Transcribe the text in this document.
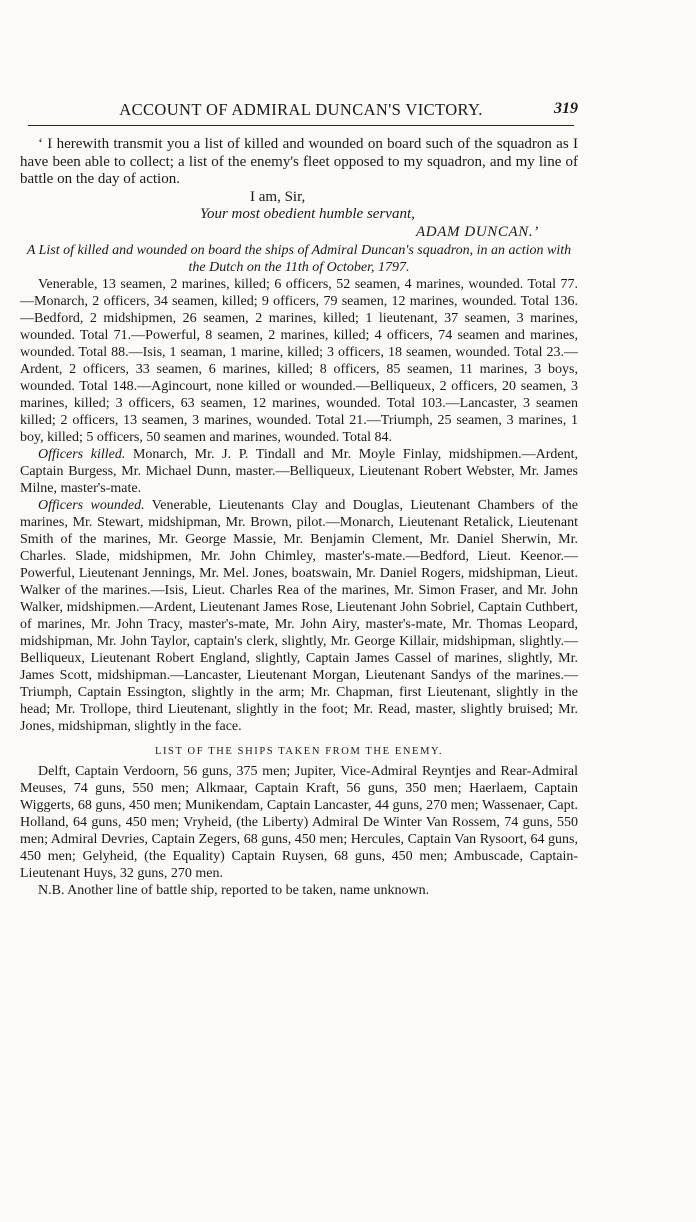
ACCOUNT OF ADMIRAL DUNCAN'S VICTORY.	319

‘ I herewith transmit you a list of killed and wounded on board such of the squadron as I have been able to collect; a list of the enemy's fleet opposed to my squadron, and my line of battle on the day of action.

I am, Sir,
Your most obedient humble servant,
ADAM DUNCAN.’

A List of killed and wounded on board the ships of Admiral Duncan's squadron, in an action with the Dutch on the 11th of October, 1797.

Venerable, 13 seamen, 2 marines, killed; 6 officers, 52 seamen, 4 marines, wounded. Total 77.—Monarch, 2 officers, 34 seamen, killed; 9 officers, 79 seamen, 12 marines, wounded. Total 136.—Bedford, 2 midshipmen, 26 seamen, 2 marines, killed; 1 lieutenant, 37 seamen, 3 marines, wounded. Total 71.—Powerful, 8 seamen, 2 marines, killed; 4 officers, 74 seamen and marines, wounded. Total 88.—Isis, 1 seaman, 1 marine, killed; 3 officers, 18 seamen, wounded. Total 23.—Ardent, 2 officers, 33 seamen, 6 marines, killed; 8 officers, 85 seamen, 11 marines, 3 boys, wounded. Total 148.—Agincourt, none killed or wounded.—Belliqueux, 2 officers, 20 seamen, 3 marines, killed; 3 officers, 63 seamen, 12 marines, wounded. Total 103.—Lancaster, 3 seamen killed; 2 officers, 13 seamen, 3 marines, wounded. Total 21.—Triumph, 25 seamen, 3 marines, 1 boy, killed; 5 officers, 50 seamen and marines, wounded. Total 84.

Officers killed. Monarch, Mr. J. P. Tindall and Mr. Moyle Finlay, midshipmen.—Ardent, Captain Burgess, Mr. Michael Dunn, master.—Belliqueux, Lieutenant Robert Webster, Mr. James Milne, master's-mate.

Officers wounded. Venerable, Lieutenants Clay and Douglas, Lieutenant Chambers of the marines, Mr. Stewart, midshipman, Mr. Brown, pilot.—Monarch, Lieutenant Retalick, Lieutenant Smith of the marines, Mr. George Massie, Mr. Benjamin Clement, Mr. Daniel Sherwin, Mr. Charles. Slade, midshipmen, Mr. John Chimley, master's-mate.—Bedford, Lieut. Keenor.—Powerful, Lieutenant Jennings, Mr. Mel. Jones, boatswain, Mr. Daniel Rogers, midshipman, Lieut. Walker of the marines.—Isis, Lieut. Charles Rea of the marines, Mr. Simon Fraser, and Mr. John Walker, midshipmen.—Ardent, Lieutenant James Rose, Lieutenant John Sobriel, Captain Cuthbert, of marines, Mr. John Tracy, master's-mate, Mr. John Airy, master's-mate, Mr. Thomas Leopard, midshipman, Mr. John Taylor, captain's clerk, slightly, Mr. George Killair, midshipman, slightly.—Belliqueux, Lieutenant Robert England, slightly, Captain James Cassel of marines, slightly, Mr. James Scott, midshipman.—Lancaster, Lieutenant Morgan, Lieutenant Sandys of the marines.—Triumph, Captain Essington, slightly in the arm; Mr. Chapman, first Lieutenant, slightly in the head; Mr. Trollope, third Lieutenant, slightly in the foot; Mr. Read, master, slightly bruised; Mr. Jones, midshipman, slightly in the face.

LIST OF THE SHIPS TAKEN FROM THE ENEMY.

Delft, Captain Verdoorn, 56 guns, 375 men; Jupiter, Vice-Admiral Reyntjes and Rear-Admiral Meuses, 74 guns, 550 men; Alkmaar, Captain Kraft, 56 guns, 350 men; Haerlaem, Captain Wiggerts, 68 guns, 450 men; Munikendam, Captain Lancaster, 44 guns, 270 men; Wassenaer, Capt. Holland, 64 guns, 450 men; Vryheid, (the Liberty) Admiral De Winter Van Rossem, 74 guns, 550 men; Admiral Devries, Captain Zegers, 68 guns, 450 men; Hercules, Captain Van Rysoort, 64 guns, 450 men; Gelyheid, (the Equality) Captain Ruysen, 68 guns, 450 men; Ambuscade, Captain-Lieutenant Huys, 32 guns, 270 men.

N.B. Another line of battle ship, reported to be taken, name unknown.
